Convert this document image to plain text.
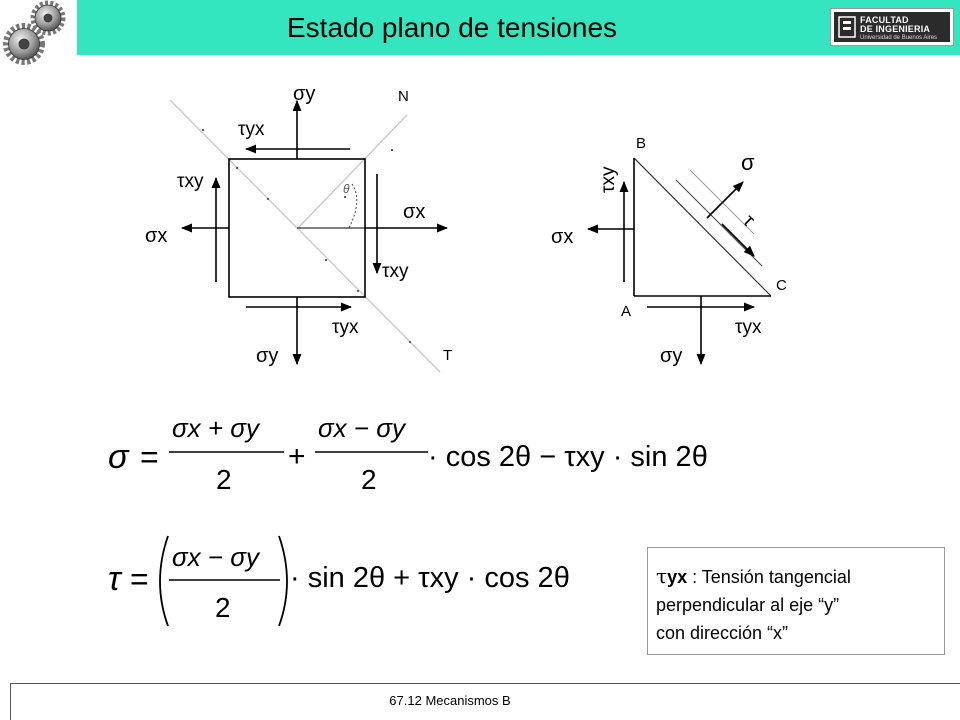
Estado plano de tensiones	FACULTAD
DE INGENIERIA
Universidad de Buenos Aires
θ
σy
τyx
N
τxy
σx
σx
τxy
τyx
σy	T
B
C
A
τxy
σx
σ
τ
τyx
σy
σ =
σx + σy
2
+
σx − σy
2
· cos 2θ − τxy · sin 2θ
τ =
σx − σy
2
· sin 2θ + τxy · cos 2θ	τyx : Tensión tangencial
perpendicular al eje “y”
con dirección “x”
67.12 Mecanismos B
